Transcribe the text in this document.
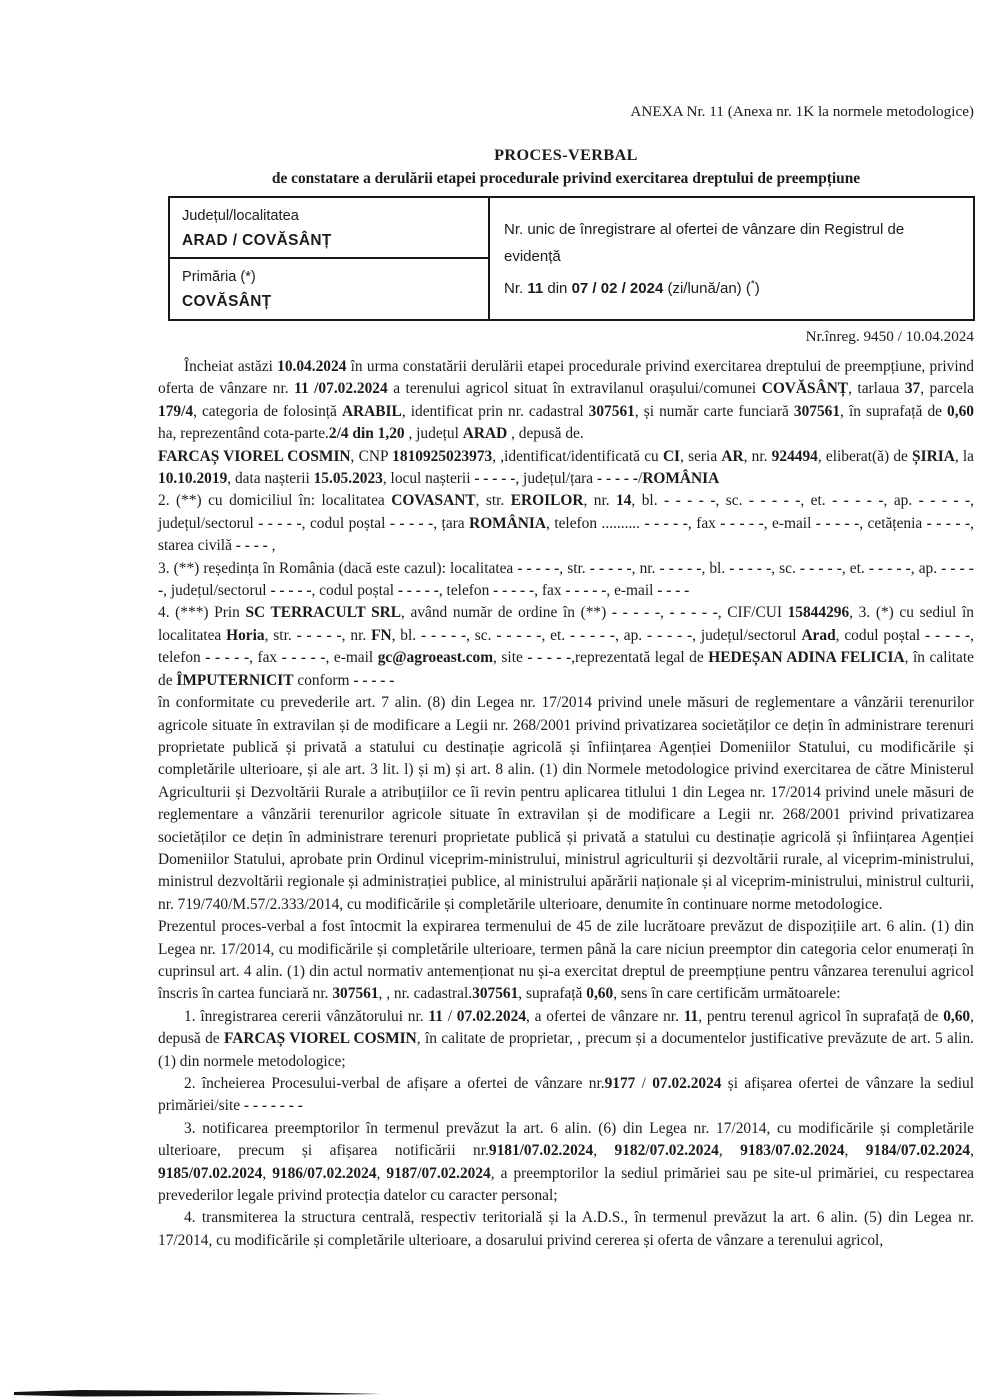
ANEXA Nr. 11 (Anexa nr. 1K la normele metodologice)
PROCES-VERBAL
de constatare a derulării etapei procedurale privind exercitarea dreptului de preempțiune
Județul/localitatea
ARAD / COVĂSÂNȚ
Primăria (*)
COVĂSÂNȚ
Nr. unic de înregistrare al ofertei de vânzare din Registrul de evidență
Nr. 11 din 07 / 02 / 2024 (zi/lună/an) (*)
Nr.înreg. 9450 / 10.04.2024

Încheiat astăzi 10.04.2024 în urma constatării derulării etapei procedurale privind exercitarea dreptului de preempțiune, privind oferta de vânzare nr. 11 /07.02.2024 a terenului agricol situat în extravilanul orașului/comunei COVĂSÂNȚ, tarlaua 37, parcela 179/4, categoria de folosință ARABIL, identificat prin nr. cadastral 307561, și număr carte funciară 307561, în suprafață de 0,60 ha, reprezentând cota-parte.2/4 din 1,20 , județul ARAD , depusă de.

FARCAȘ VIOREL COSMIN, CNP 1810925023973, ,identificat/identificată cu CI, seria AR, nr. 924494, eliberat(ă) de ȘIRIA, la 10.10.2019, data nașterii 15.05.2023, locul nașterii - - - - -, județul/țara - - - - -/ROMÂNIA

2. (**) cu domiciliul în: localitatea COVASANT, str. EROILOR, nr. 14, bl. - - - - -, sc. - - - - -, et. - - - - -, ap. - - - - -, județul/sectorul - - - - -, codul poștal - - - - -, țara ROMÂNIA, telefon .......... - - - - -, fax - - - - -, e-mail - - - - -, cetățenia - - - - -, starea civilă - - - - ,

3. (**) reședința în România (dacă este cazul): localitatea - - - - -, str. - - - - -, nr. - - - - -, bl. - - - - -, sc. - - - - -, et. - - - - -, ap. - - - - -, județul/sectorul - - - - -, codul poștal - - - - -, telefon - - - - -, fax - - - - -, e-mail - - - -

4. (***) Prin SC TERRACULT SRL, având număr de ordine în (**) - - - - -, - - - - -, CIF/CUI 15844296, 3. (*) cu sediul în localitatea Horia, str. - - - - -, nr. FN, bl. - - - - -, sc. - - - - -, et. - - - - -, ap. - - - - -, județul/sectorul Arad, codul poștal - - - - -, telefon - - - - -, fax - - - - -, e-mail gc@agroeast.com, site - - - - -,reprezentată legal de HEDEȘAN ADINA FELICIA, în calitate de ÎMPUTERNICIT conform - - - - -

în conformitate cu prevederile art. 7 alin. (8) din Legea nr. 17/2014 privind unele măsuri de reglementare a vânzării terenurilor agricole situate în extravilan și de modificare a Legii nr. 268/2001 privind privatizarea societăților ce dețin în administrare terenuri proprietate publică și privată a statului cu destinație agricolă și înființarea Agenției Domeniilor Statului, cu modificările și completările ulterioare, și ale art. 3 lit. l) și m) și art. 8 alin. (1) din Normele metodologice privind exercitarea de către Ministerul Agriculturii și Dezvoltării Rurale a atribuțiilor ce îi revin pentru aplicarea titlului 1 din Legea nr. 17/2014 privind unele măsuri de reglementare a vânzării terenurilor agricole situate în extravilan și de modificare a Legii nr. 268/2001 privind privatizarea societăților ce dețin în administrare terenuri proprietate publică și privată a statului cu destinație agricolă și înființarea Agenției Domeniilor Statului, aprobate prin Ordinul viceprim-ministrului, ministrul agriculturii și dezvoltării rurale, al viceprim-ministrului, ministrul dezvoltării regionale și administrației publice, al ministrului apărării naționale și al viceprim-ministrului, ministrul culturii, nr. 719/740/M.57/2.333/2014, cu modificările și completările ulterioare, denumite în continuare norme metodologice.

Prezentul proces-verbal a fost întocmit la expirarea termenului de 45 de zile lucrătoare prevăzut de dispozițiile art. 6 alin. (1) din Legea nr. 17/2014, cu modificările și completările ulterioare, termen până la care niciun preemptor din categoria celor enumerați în cuprinsul art. 4 alin. (1) din actul normativ antemenționat nu și-a exercitat dreptul de preempțiune pentru vânzarea terenului agricol înscris în cartea funciară nr. 307561, , nr. cadastral.307561, suprafață 0,60, sens în care certificăm următoarele:

1. înregistrarea cererii vânzătorului nr. 11 / 07.02.2024, a ofertei de vânzare nr. 11, pentru terenul agricol în suprafață de 0,60, depusă de FARCAȘ VIOREL COSMIN, în calitate de proprietar, , precum și a documentelor justificative prevăzute de art. 5 alin. (1) din normele metodologice;

2. încheierea Procesului-verbal de afișare a ofertei de vânzare nr.9177 / 07.02.2024 și afișarea ofertei de vânzare la sediul primăriei/site - - - - - - -

3. notificarea preemptorilor în termenul prevăzut la art. 6 alin. (6) din Legea nr. 17/2014, cu modificările și completările ulterioare, precum și afișarea notificării nr.9181/07.02.2024, 9182/07.02.2024, 9183/07.02.2024, 9184/07.02.2024, 9185/07.02.2024, 9186/07.02.2024, 9187/07.02.2024, a preemptorilor la sediul primăriei sau pe site-ul primăriei, cu respectarea prevederilor legale privind protecția datelor cu caracter personal;

4. transmiterea la structura centrală, respectiv teritorială și la A.D.S., în termenul prevăzut la art. 6 alin. (5) din Legea nr. 17/2014, cu modificările și completările ulterioare, a dosarului privind cererea și oferta de vânzare a terenului agricol,
